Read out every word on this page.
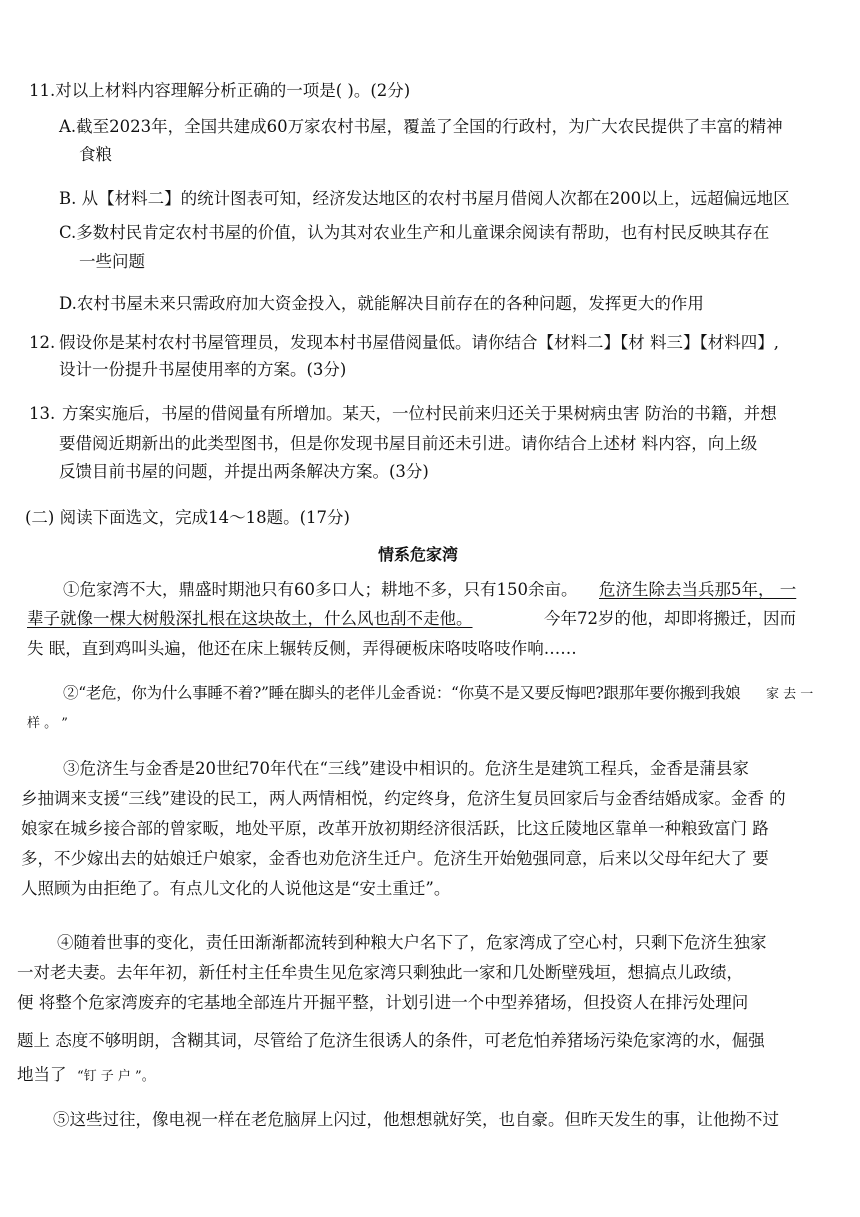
11.对以上材料内容理解分析正确的一项是( )。(2分)
A.截至2023年，全国共建成60万家农村书屋，覆盖了全国的行政村，为广大农民提供了丰富的精神
食粮
B. 从【材料二】的统计图表可知，经济发达地区的农村书屋月借阅人次都在200以上，远超偏远地区
C.多数村民肯定农村书屋的价值，认为其对农业生产和儿童课余阅读有帮助，也有村民反映其存在
一些问题
D.农村书屋未来只需政府加大资金投入，就能解决目前存在的各种问题，发挥更大的作用
12. 假设你是某村农村书屋管理员，发现本村书屋借阅量低。请你结合【材料二】【材 料三】【材料四】,
设计一份提升书屋使用率的方案。(3分)
13. 方案实施后，书屋的借阅量有所增加。某天，一位村民前来归还关于果树病虫害 防治的书籍，并想
要借阅近期新出的此类型图书，但是你发现书屋目前还未引进。请你结合上述材 料内容，向上级
反馈目前书屋的问题，并提出两条解决方案。(3分)
(二) 阅读下面选文，完成14～18题。(17分)
情系危家湾
①危家湾不大，鼎盛时期池只有60多口人；耕地不多，只有150余亩。 危济生除去当兵那5年， 一
辈子就像一棵大树般深扎根在这块故土，什么风也刮不走他。	今年72岁的他，却即将搬迁，因而
失 眠，直到鸡叫头遍，他还在床上辗转反侧，弄得硬板床咯吱咯吱作响……
②“老危，你为什么事睡不着?”睡在脚头的老伴儿金香说：“你莫不是又要反悔吧?跟那年要你搬到我娘 家 去 一
样 。 ”
③危济生与金香是20世纪70年代在“三线”建设中相识的。危济生是建筑工程兵，金香是蒲县家
乡抽调来支援“三线”建设的民工，两人两情相悦，约定终身，危济生复员回家后与金香结婚成家。金香 的
娘家在城乡接合部的曾家畈，地处平原，改革开放初期经济很活跃，比这丘陵地区靠单一种粮致富门 路
多，不少嫁出去的姑娘迁户娘家，金香也劝危济生迁户。危济生开始勉强同意，后来以父母年纪大了 要
人照顾为由拒绝了。有点儿文化的人说他这是“安土重迁”。
④随着世事的变化，责任田渐渐都流转到种粮大户名下了，危家湾成了空心村，只剩下危济生独家
一对老夫妻。去年年初，新任村主任牟贵生见危家湾只剩独此一家和几处断壁残垣，想搞点儿政绩，
便 将整个危家湾废弃的宅基地全部连片开掘平整，计划引进一个中型养猪场，但投资人在排污处理问
题上 态度不够明朗，含糊其词，尽管给了危济生很诱人的条件，可老危怕养猪场污染危家湾的水，倔强
地当了 “钉 子 户 ”。
⑤这些过往，像电视一样在老危脑屏上闪过，他想想就好笑，也自豪。但昨天发生的事，让他拗不过
